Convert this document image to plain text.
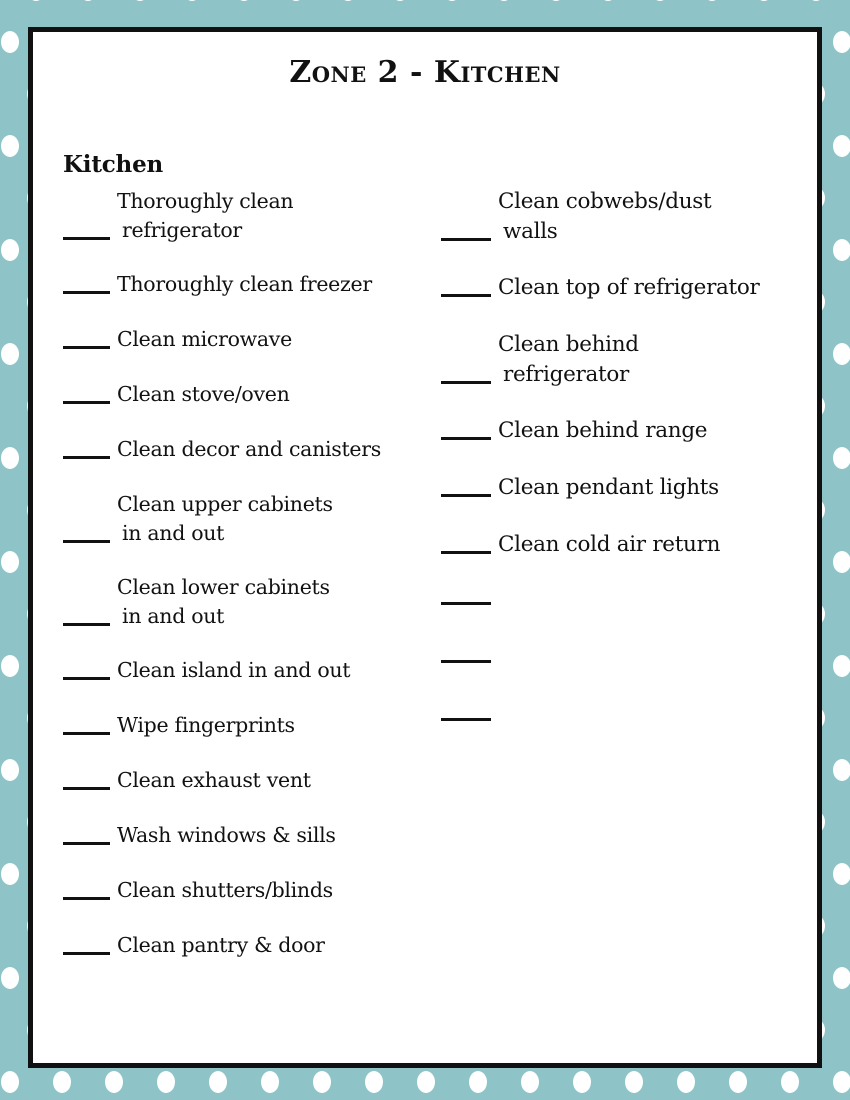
Zone 2 - Kitchen
Kitchen
Thoroughly clean
refrigerator
Thoroughly clean freezer
Clean microwave
Clean stove/oven
Clean decor and canisters
Clean upper cabinets
in and out
Clean lower cabinets
in and out
Clean island in and out
Wipe fingerprints
Clean exhaust vent
Wash windows & sills
Clean shutters/blinds
Clean pantry & door
Clean cobwebs/dust
walls
Clean top of refrigerator
Clean behind
refrigerator
Clean behind range
Clean pendant lights
Clean cold air return
